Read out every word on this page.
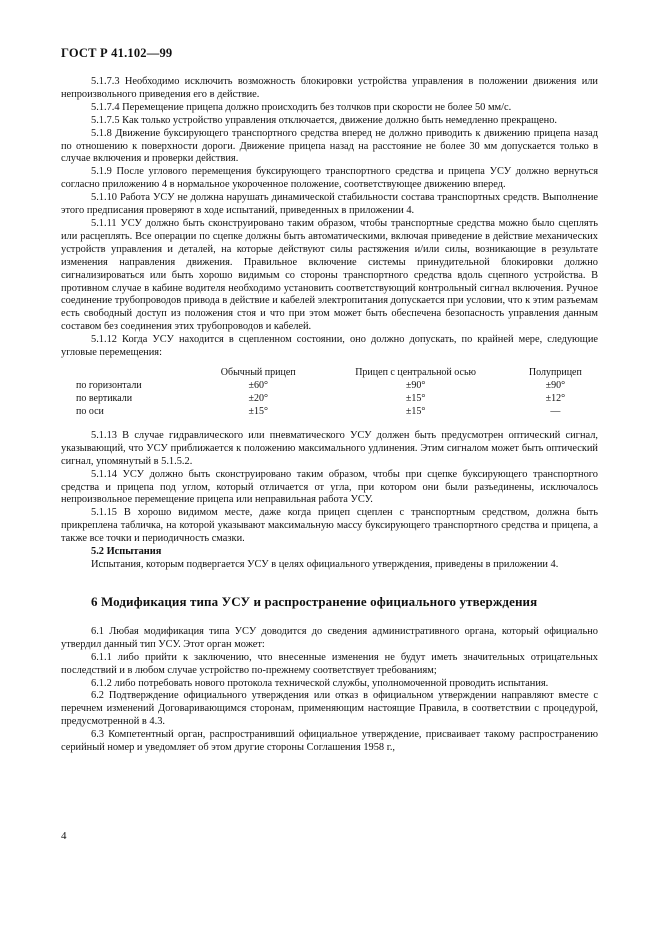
ГОСТ Р 41.102—99

5.1.7.3 Необходимо исключить возможность блокировки устройства управления в положении движения или непроизвольного приведения его в действие.

5.1.7.4 Перемещение прицепа должно происходить без толчков при скорости не более 50 мм/с.

5.1.7.5 Как только устройство управления отключается, движение должно быть немедленно прекращено.

5.1.8 Движение буксирующего транспортного средства вперед не должно приводить к движению прицепа назад по отношению к поверхности дороги. Движение прицепа назад на расстояние не более 30 мм допускается только в случае включения и проверки действия.

5.1.9 После углового перемещения буксирующего транспортного средства и прицепа УСУ должно вернуться согласно приложению 4 в нормальное укороченное положение, соответствующее движению вперед.

5.1.10 Работа УСУ не должна нарушать динамической стабильности состава транспортных средств. Выполнение этого предписания проверяют в ходе испытаний, приведенных в приложении 4.

5.1.11 УСУ должно быть сконструировано таким образом, чтобы транспортные средства можно было сцеплять или расцеплять. Все операции по сцепке должны быть автоматическими, включая приведение в действие механических устройств управления и деталей, на которые действуют силы растяжения и/или силы, возникающие в результате изменения направления движения. Правильное включение системы принудительной блокировки должно сигнализироваться или быть хорошо видимым со стороны транспортного средства вдоль сцепного устройства. В противном случае в кабине водителя необходимо установить соответствующий контрольный сигнал включения. Ручное соединение трубопроводов привода в действие и кабелей электропитания допускается при условии, что к этим разъемам есть свободный доступ из положения стоя и что при этом может быть обеспечена безопасность управления данным составом без соединения этих трубопроводов и кабелей.

5.1.12 Когда УСУ находится в сцепленном состоянии, оно должно допускать, по крайней мере, следующие угловые перемещения:

	Обычный прицеп	Прицеп с центральной осью	Полуприцеп
по горизонтали	±60°	±90°	±90°
по вертикали	±20°	±15°	±12°
по оси	±15°	±15°	—

5.1.13 В случае гидравлического или пневматического УСУ должен быть предусмотрен оптический сигнал, указывающий, что УСУ приближается к положению максимального удлинения. Этим сигналом может быть оптический сигнал, упомянутый в 5.1.5.2.

5.1.14 УСУ должно быть сконструировано таким образом, чтобы при сцепке буксирующего транспортного средства и прицепа под углом, который отличается от угла, при котором они были разъединены, исключалось непроизвольное перемещение прицепа или неправильная работа УСУ.

5.1.15 В хорошо видимом месте, даже когда прицеп сцеплен с транспортным средством, должна быть прикреплена табличка, на которой указывают максимальную массу буксирующего транспортного средства и прицепа, а также все точки и периодичность смазки.

5.2 Испытания

Испытания, которым подвергается УСУ в целях официального утверждения, приведены в приложении 4.

6 Модификация типа УСУ и распространение официального утверждения

6.1 Любая модификация типа УСУ доводится до сведения административного органа, который официально утвердил данный тип УСУ. Этот орган может:

6.1.1 либо прийти к заключению, что внесенные изменения не будут иметь значительных отрицательных последствий и в любом случае устройство по-прежнему соответствует требованиям;

6.1.2 либо потребовать нового протокола технической службы, уполномоченной проводить испытания.

6.2 Подтверждение официального утверждения или отказ в официальном утверждении направляют вместе с перечнем изменений Договаривающимся сторонам, применяющим настоящие Правила, в соответствии с процедурой, предусмотренной в 4.3.

6.3 Компетентный орган, распространивший официальное утверждение, присваивает такому распространению серийный номер и уведомляет об этом другие стороны Соглашения 1958 г.,

4
